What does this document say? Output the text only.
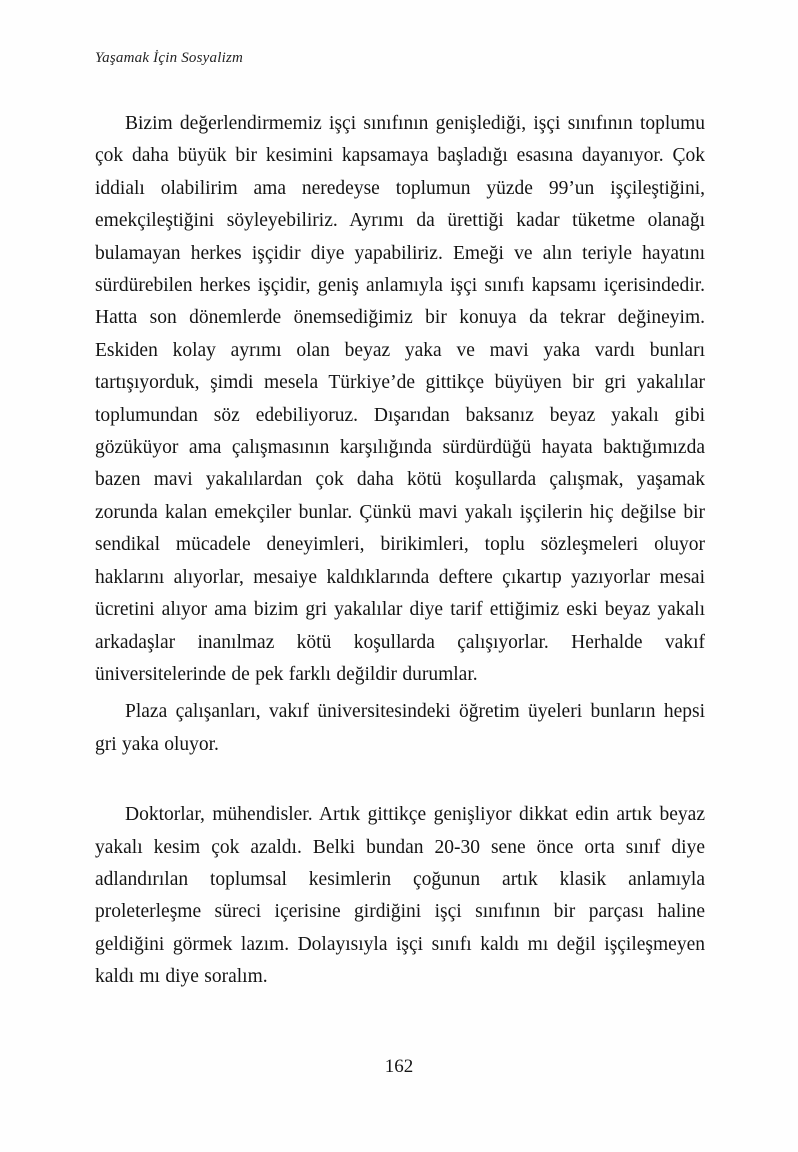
Yaşamak İçin Sosyalizm

Bizim değerlendirmemiz işçi sınıfının genişlediği, işçi sınıfının toplumu çok daha büyük bir kesimini kapsamaya başladığı esasına dayanıyor. Çok iddialı olabilirim ama neredeyse toplumun yüzde 99’un işçileştiğini, emekçileştiğini söyleyebiliriz. Ayrımı da ürettiği kadar tüketme olanağı bulamayan herkes işçidir diye yapabiliriz. Emeği ve alın teriyle hayatını sürdürebilen herkes işçidir, geniş anlamıyla işçi sınıfı kapsamı içerisindedir. Hatta son dönemlerde önemsediğimiz bir konuya da tekrar değineyim. Eskiden kolay ayrımı olan beyaz yaka ve mavi yaka vardı bunları tartışıyorduk, şimdi mesela Türkiye’de gittikçe büyüyen bir gri yakalılar toplumundan söz edebiliyoruz. Dışarıdan baksanız beyaz yakalı gibi gözüküyor ama çalışmasının karşılığında sürdürdüğü hayata baktığımızda bazen mavi yakalılardan çok daha kötü koşullarda çalışmak, yaşamak zorunda kalan emekçiler bunlar. Çünkü mavi yakalı işçilerin hiç değilse bir sendikal mücadele deneyimleri, birikimleri, toplu sözleşmeleri oluyor haklarını alıyorlar, mesaiye kaldıklarında deftere çıkartıp yazıyorlar mesai ücretini alıyor ama bizim gri yakalılar diye tarif ettiğimiz eski beyaz yakalı arkadaşlar inanılmaz kötü koşullarda çalışıyorlar. Herhalde vakıf üniversitelerinde de pek farklı değildir durumlar.

Plaza çalışanları, vakıf üniversitesindeki öğretim üyeleri bunların hepsi gri yaka oluyor.

Doktorlar, mühendisler. Artık gittikçe genişliyor dikkat edin artık beyaz yakalı kesim çok azaldı. Belki bundan 20-30 sene önce orta sınıf diye adlandırılan toplumsal kesimlerin çoğunun artık klasik anlamıyla proleterleşme süreci içerisine girdiğini işçi sınıfının bir parçası haline geldiğini görmek lazım. Dolayısıyla işçi sınıfı kaldı mı değil işçileşmeyen kaldı mı diye soralım.

162
